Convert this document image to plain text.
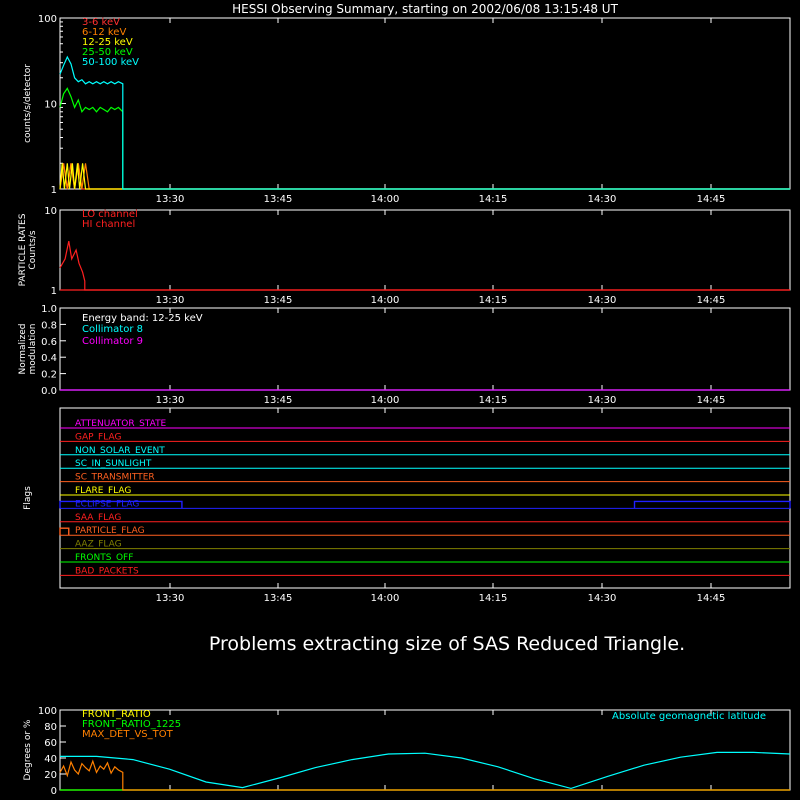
HESSI Observing Summary, starting on 2002/06/08 13:15:48 UT
Problems extracting size of SAS Reduced Triangle.
13:30	13:45	14:00	14:15	14:30	14:45
counts/s/detector
1
10
100	3-6 keV
6-12 keV
12-25 keV
25-50 keV
50-100 keV
13:30	13:45	14:00	14:15	14:30	14:45
PARTICLE RATES Counts/s
1
10	LO channel
HI channel
13:30	13:45	14:00	14:15	14:30	14:45
Normalized modulation
0.0
0.2
0.4
0.6
0.8
1.0
Energy band: 12-25 keV
Collimator 8
Collimator 9
13:30	13:45	14:00	14:15	14:30	14:45
Flags
ATTENUATOR_STATE
GAP_FLAG
NON_SOLAR_EVENT
SC_IN_SUNLIGHT
SC_TRANSMITTER
FLARE_FLAG
ECLIPSE_FLAG
SAA_FLAG
PARTICLE_FLAG
AAZ_FLAG
FRONTS_OFF
BAD_PACKETS
Degrees or %
0
20
40
60
80
100	FRONT_RATIO
FRONT_RATIO_1225
MAX_DET_VS_TOT
Absolute geomagnetic latitude
